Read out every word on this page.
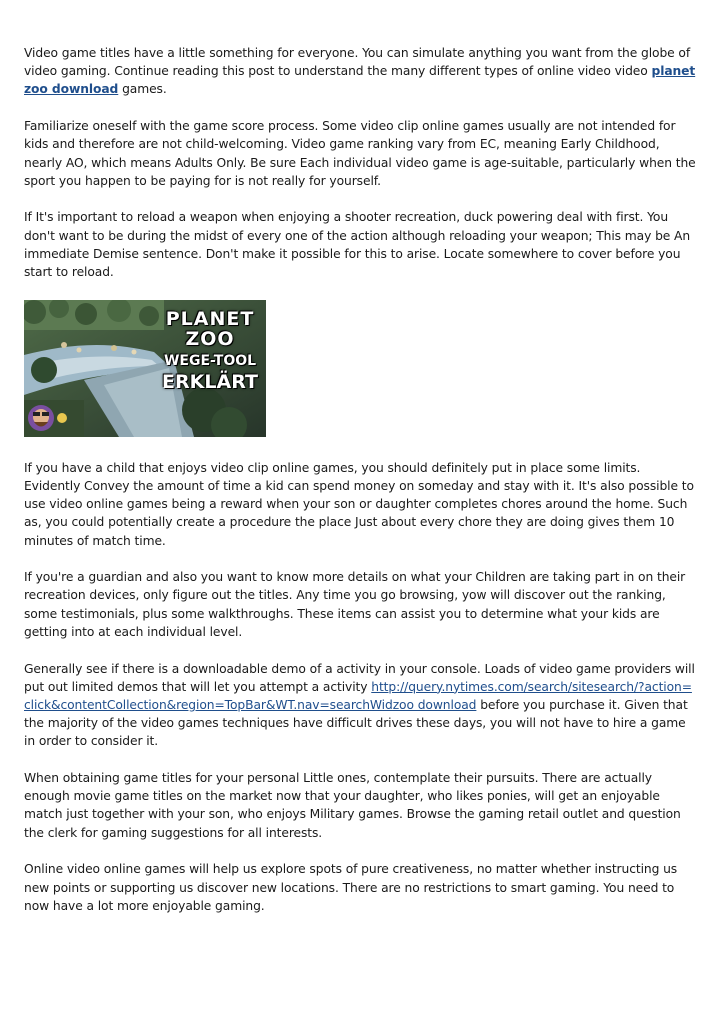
Video game titles have a little something for everyone. You can simulate anything you want from the globe of video gaming. Continue reading this post to understand the many different types of online video video planet zoo download games.

Familiarize oneself with the game score process. Some video clip online games usually are not intended for kids and therefore are not child-welcoming. Video game ranking vary from EC, meaning Early Childhood, nearly AO, which means Adults Only. Be sure Each individual video game is age-suitable, particularly when the sport you happen to be paying for is not really for yourself.

If It's important to reload a weapon when enjoying a shooter recreation, duck powering deal with first. You don't want to be during the midst of every one of the action although reloading your weapon; This may be An immediate Demise sentence. Don't make it possible for this to arise. Locate somewhere to cover before you start to reload.

PLANET
ZOO
WEGE-TOOL
ERKLÄRT

If you have a child that enjoys video clip online games, you should definitely put in place some limits. Evidently Convey the amount of time a kid can spend money on someday and stay with it. It's also possible to use video online games being a reward when your son or daughter completes chores around the home. Such as, you could potentially create a procedure the place Just about every chore they are doing gives them 10 minutes of match time.

If you're a guardian and also you want to know more details on what your Children are taking part in on their recreation devices, only figure out the titles. Any time you go browsing, yow will discover out the ranking, some testimonials, plus some walkthroughs. These items can assist you to determine what your kids are getting into at each individual level.

Generally see if there is a downloadable demo of a activity in your console. Loads of video game providers will put out limited demos that will let you attempt a activity http://query.nytimes.com/search/sitesearch/?action=click&contentCollection&region=TopBar&WT.nav=searchWidzoo download before you purchase it. Given that the majority of the video games techniques have difficult drives these days, you will not have to hire a game in order to consider it.

When obtaining game titles for your personal Little ones, contemplate their pursuits. There are actually enough movie game titles on the market now that your daughter, who likes ponies, will get an enjoyable match just together with your son, who enjoys Military games. Browse the gaming retail outlet and question the clerk for gaming suggestions for all interests.

Online video online games will help us explore spots of pure creativeness, no matter whether instructing us new points or supporting us discover new locations. There are no restrictions to smart gaming. You need to now have a lot more enjoyable gaming.
